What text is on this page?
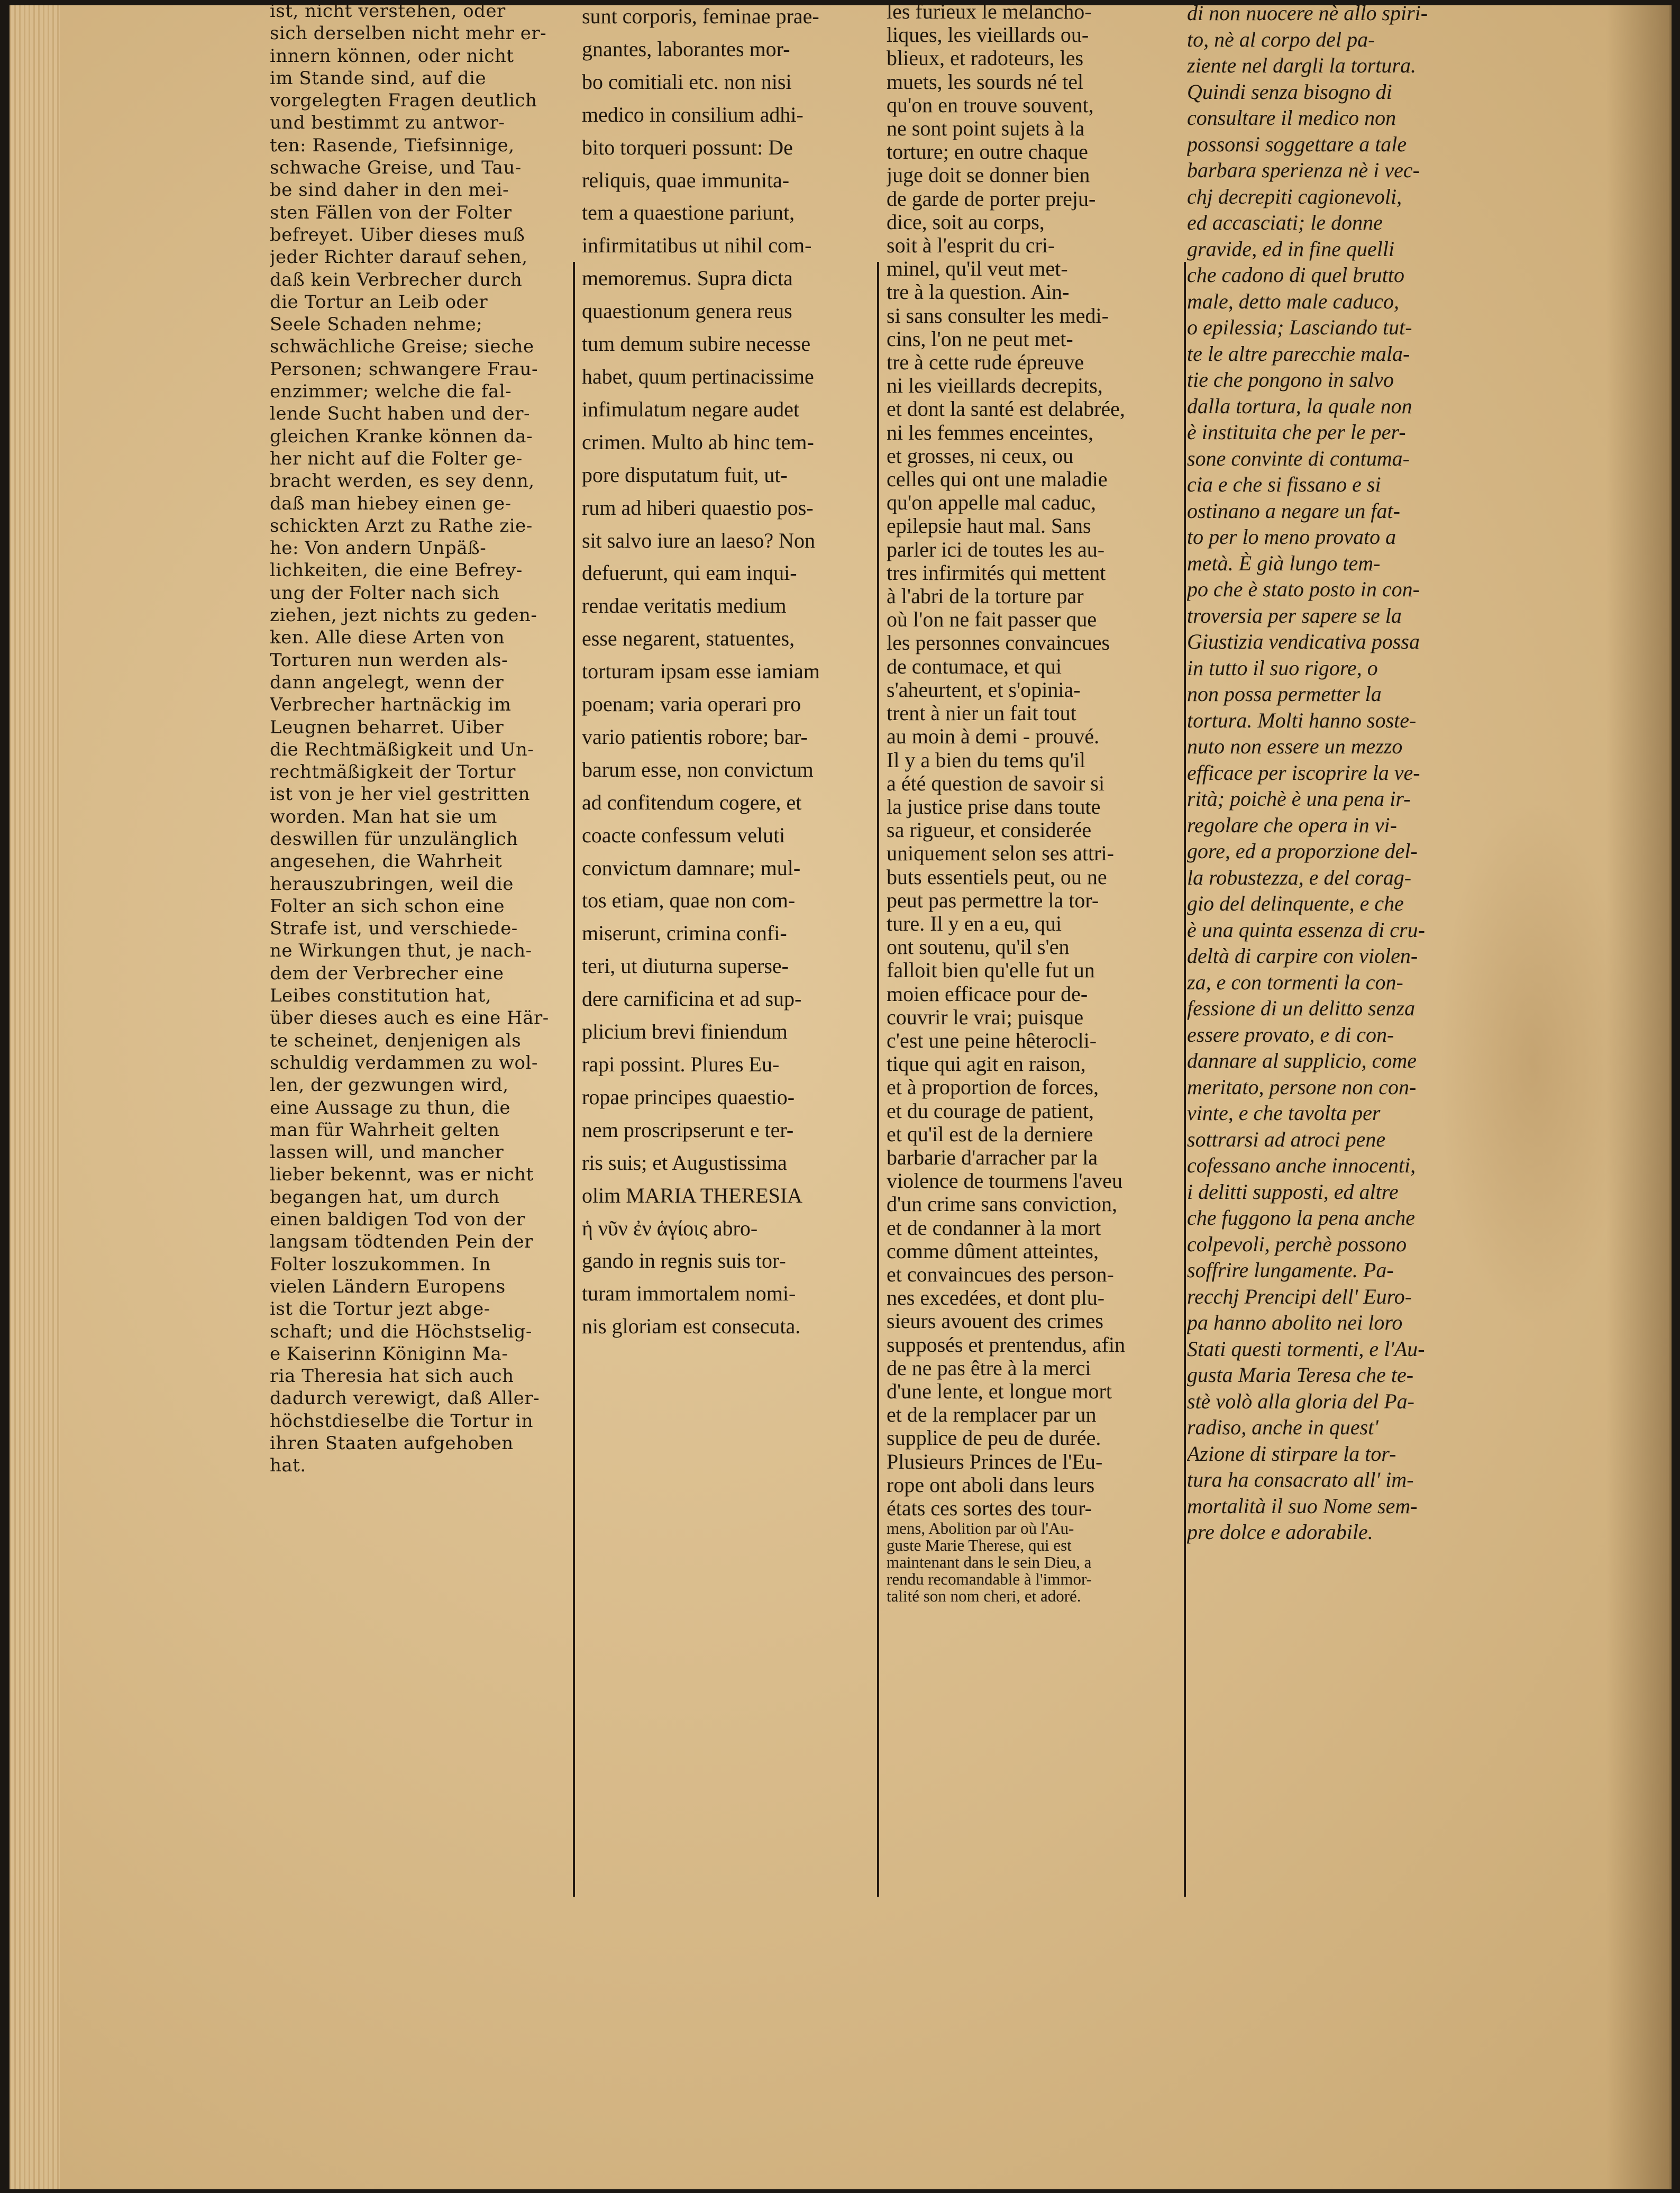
ist, nicht verstehen, oder

sich derselben nicht mehr er-

innern können, oder nicht

im Stande sind, auf die

vorgelegten Fragen deutlich

und bestimmt zu antwor-

ten: Rasende, Tiefsinnige,

schwache Greise, und Tau-

be sind daher in den mei-

sten Fällen von der Folter

befreyet. Uiber dieses muß

jeder Richter darauf sehen,

daß kein Verbrecher durch

die Tortur an Leib oder

Seele Schaden nehme;

schwächliche Greise; sieche

Personen; schwangere Frau-

enzimmer; welche die fal-

lende Sucht haben und der-

gleichen Kranke können da-

her nicht auf die Folter ge-

bracht werden, es sey denn,

daß man hiebey einen ge-

schickten Arzt zu Rathe zie-

he: Von andern Unpäß-

lichkeiten, die eine Befrey-

ung der Folter nach sich

ziehen, jezt nichts zu geden-

ken. Alle diese Arten von

Torturen nun werden als-

dann angelegt, wenn der

Verbrecher hartnäckig im

Leugnen beharret. Uiber

die Rechtmäßigkeit und Un-

rechtmäßigkeit der Tortur

ist von je her viel gestritten

worden. Man hat sie um

deswillen für unzulänglich

angesehen, die Wahrheit

herauszubringen, weil die

Folter an sich schon eine

Strafe ist, und verschiede-

ne Wirkungen thut, je nach-

dem der Verbrecher eine

Leibes constitution hat,

über dieses auch es eine Här-

te scheinet, denjenigen als

schuldig verdammen zu wol-

len, der gezwungen wird,

eine Aussage zu thun, die

man für Wahrheit gelten

lassen will, und mancher

lieber bekennt, was er nicht

begangen hat, um durch

einen baldigen Tod von der

langsam tödtenden Pein der

Folter loszukommen. In

vielen Ländern Europens

ist die Tortur jezt abge-

schaft; und die Höchstselig-

e Kaiserinn Königinn Ma-

ria Theresia hat sich auch

dadurch verewigt, daß Aller-

höchstdieselbe die Tortur in

ihren Staaten aufgehoben

hat.

sunt corporis, feminae prae-

gnantes, laborantes mor-

bo comitiali etc. non nisi

medico in consilium adhi-

bito torqueri possunt: De

reliquis, quae immunita-

tem a quaestione pariunt,

infirmitatibus ut nihil com-

memoremus. Supra dicta

quaestionum genera reus

tum demum subire necesse

habet, quum pertinacissime

infimulatum negare audet

crimen. Multo ab hinc tem-

pore disputatum fuit, ut-

rum ad hiberi quaestio pos-

sit salvo iure an laeso? Non

defuerunt, qui eam inqui-

rendae veritatis medium

esse negarent, statuentes,

torturam ipsam esse iamiam

poenam; varia operari pro

vario patientis robore; bar-

barum esse, non convictum

ad confitendum cogere, et

coacte confessum veluti

convictum damnare; mul-

tos etiam, quae non com-

miserunt, crimina confi-

teri, ut diuturna superse-

dere carnificina et ad sup-

plicium brevi finiendum

rapi possint. Plures Eu-

ropae principes quaestio-

nem proscripserunt e ter-

ris suis; et Augustissima

olim MARIA THERESIA

ἡ νῦν ἐν ἁγίοις abro-

gando in regnis suis tor-

turam immortalem nomi-

nis gloriam est consecuta.

les furieux le melancho-

liques, les vieillards ou-

blieux, et radoteurs, les

muets, les sourds né tel

qu'on en trouve souvent,

ne sont point sujets à la

torture; en outre chaque

juge doit se donner bien

de garde de porter preju-

dice, soit au corps,

soit à l'esprit du cri-

minel, qu'il veut met-

tre à la question. Ain-

si sans consulter les medi-

cins, l'on ne peut met-

tre à cette rude épreuve

ni les vieillards decrepits,

et dont la santé est delabrée,

ni les femmes enceintes,

et grosses, ni ceux, ou

celles qui ont une maladie

qu'on appelle mal caduc,

epilepsie haut mal. Sans

parler ici de toutes les au-

tres infirmités qui mettent

à l'abri de la torture par

où l'on ne fait passer que

les personnes convaincues

de contumace, et qui

s'aheurtent, et s'opinia-

trent à nier un fait tout

au moin à demi - prouvé.

Il y a bien du tems qu'il

a été question de savoir si

la justice prise dans toute

sa rigueur, et considerée

uniquement selon ses attri-

buts essentiels peut, ou ne

peut pas permettre la tor-

ture. Il y en a eu, qui

ont soutenu, qu'il s'en

falloit bien qu'elle fut un

moien efficace pour de-

couvrir le vrai; puisque

c'est une peine hêterocli-

tique qui agit en raison,

et à proportion de forces,

et du courage de patient,

et qu'il est de la derniere

barbarie d'arracher par la

violence de tourmens l'aveu

d'un crime sans conviction,

et de condanner à la mort

comme dûment atteintes,

et convaincues des person-

nes excedées, et dont plu-

sieurs avouent des crimes

supposés et prentendus, afin

de ne pas être à la merci

d'une lente, et longue mort

et de la remplacer par un

supplice de peu de durée.

Plusieurs Princes de l'Eu-

rope ont aboli dans leurs

états ces sortes des tour-

mens, Abolition par où l'Au-

guste Marie Therese, qui est

maintenant dans le sein Dieu, a

rendu recomandable à l'immor-

talité son nom cheri, et adoré.

di non nuocere nè allo spiri-

to, nè al corpo del pa-

ziente nel dargli la tortura.

Quindi senza bisogno di

consultare il medico non

possonsi soggettare a tale

barbara sperienza nè i vec-

chj decrepiti cagionevoli,

ed accasciati; le donne

gravide, ed in fine quelli

che cadono di quel brutto

male, detto male caduco,

o epilessia; Lasciando tut-

te le altre parecchie mala-

tie che pongono in salvo

dalla tortura, la quale non

è instituita che per le per-

sone convinte di contuma-

cia e che si fissano e si

ostinano a negare un fat-

to per lo meno provato a

metà. È già lungo tem-

po che è stato posto in con-

troversia per sapere se la

Giustizia vendicativa possa

in tutto il suo rigore, o

non possa permetter la

tortura. Molti hanno soste-

nuto non essere un mezzo

efficace per iscoprire la ve-

rità; poichè è una pena ir-

regolare che opera in vi-

gore, ed a proporzione del-

la robustezza, e del corag-

gio del delinquente, e che

è una quinta essenza di cru-

deltà di carpire con violen-

za, e con tormenti la con-

fessione di un delitto senza

essere provato, e di con-

dannare al supplicio, come

meritato, persone non con-

vinte, e che tavolta per

sottrarsi ad atroci pene

cofessano anche innocenti,

i delitti supposti, ed altre

che fuggono la pena anche

colpevoli, perchè possono

soffrire lungamente. Pa-

recchj Prencipi dell' Euro-

pa hanno abolito nei loro

Stati questi tormenti, e l'Au-

gusta Maria Teresa che te-

stè volò alla gloria del Pa-

radiso, anche in quest'

Azione di stirpare la tor-

tura ha consacrato all' im-

mortalità il suo Nome sem-

pre dolce e adorabile.
